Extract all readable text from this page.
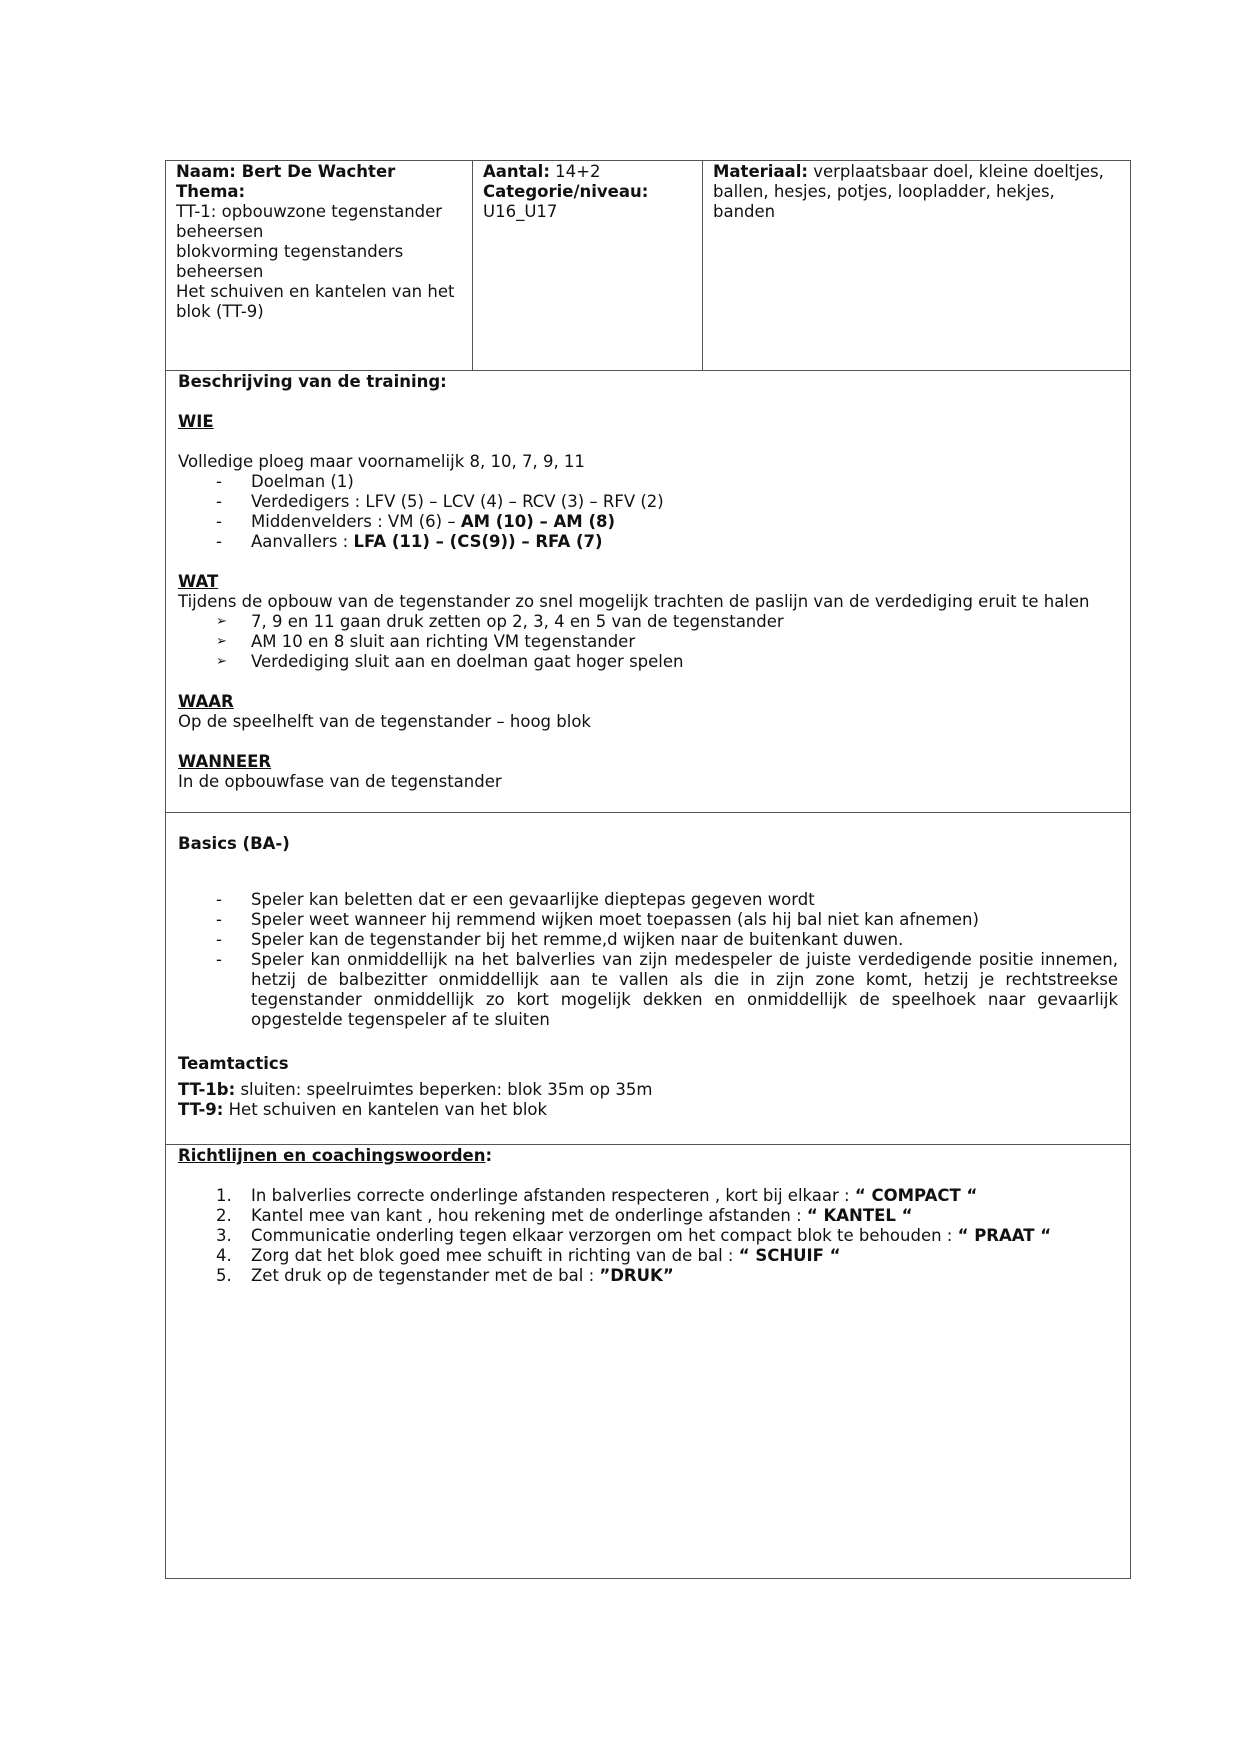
Naam: Bert De Wachter
Thema:
TT-1: opbouwzone tegenstander
beheersen
blokvorming tegenstanders
beheersen
Het schuiven en kantelen van het
blok (TT-9)
Aantal: 14+2
Categorie/niveau:
U16_U17
Materiaal: verplaatsbaar doel, kleine doeltjes,
ballen, hesjes, potjes, loopladder, hekjes,
banden
Beschrijving van de training:
WIE
Volledige ploeg maar voornamelijk 8, 10, 7, 9, 11
- Doelman (1)
- Verdedigers : LFV (5) – LCV (4) – RCV (3) – RFV (2)
- Middenvelders : VM (6) – AM (10) – AM (8)
- Aanvallers : LFA (11) – (CS(9)) – RFA (7)
WAT
Tijdens de opbouw van de tegenstander zo snel mogelijk trachten de paslijn van de verdediging eruit te halen
➢ 7, 9 en 11 gaan druk zetten op 2, 3, 4 en 5 van de tegenstander
➢ AM 10 en 8 sluit aan richting VM tegenstander
➢ Verdediging sluit aan en doelman gaat hoger spelen
WAAR
Op de speelhelft van de tegenstander – hoog blok
WANNEER
In de opbouwfase van de tegenstander
Basics (BA-)
- Speler kan beletten dat er een gevaarlijke dieptepas gegeven wordt
- Speler weet wanneer hij remmend wijken moet toepassen (als hij bal niet kan afnemen)
- Speler kan de tegenstander bij het remme,d wijken naar de buitenkant duwen.
- Speler kan onmiddellijk na het balverlies van zijn medespeler de juiste verdedigende positie innemen, hetzij de balbezitter onmiddellijk aan te vallen als die in zijn zone komt, hetzij je rechtstreekse tegenstander onmiddellijk zo kort mogelijk dekken en onmiddellijk de speelhoek naar gevaarlijk opgestelde tegenspeler af te sluiten
Teamtactics
TT-1b: sluiten: speelruimtes beperken: blok 35m op 35m
TT-9: Het schuiven en kantelen van het blok
Richtlijnen en coachingswoorden:
1. In balverlies correcte onderlinge afstanden respecteren , kort bij elkaar : “ COMPACT “
2. Kantel mee van kant , hou rekening met de onderlinge afstanden : “ KANTEL “
3. Communicatie onderling tegen elkaar verzorgen om het compact blok te behouden : “ PRAAT “
4. Zorg dat het blok goed mee schuift in richting van de bal : “ SCHUIF “
5. Zet druk op de tegenstander met de bal : ”DRUK”
